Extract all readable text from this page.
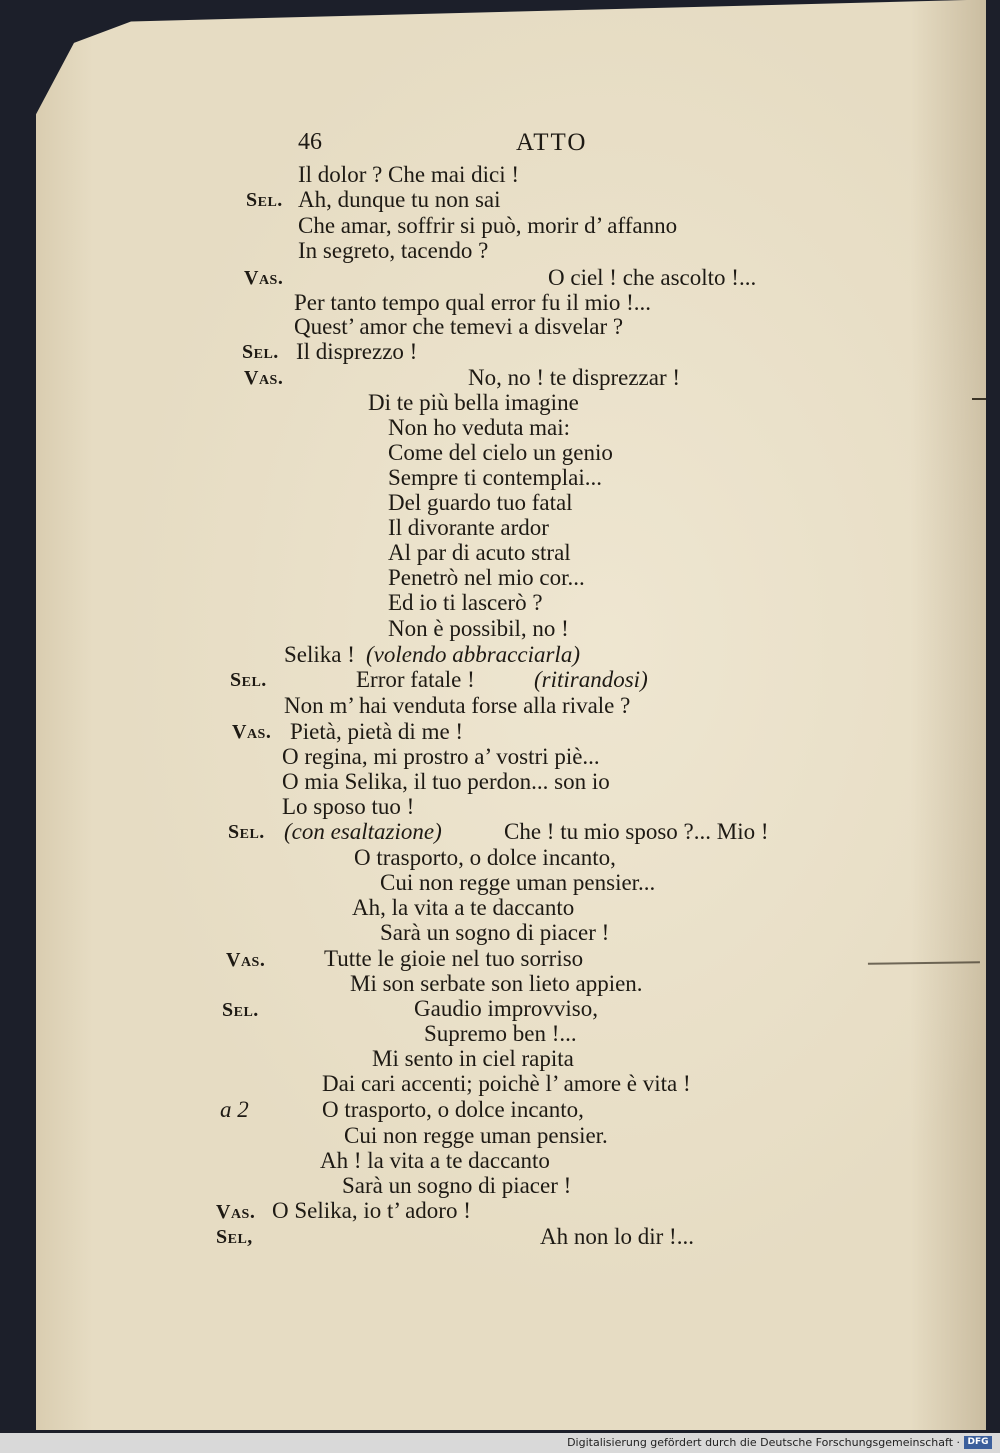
46	ATTO
Il dolor ? Che mai dici !
Sel. Ah, dunque tu non sai
Che amar, soffrir si può, morir d’ affanno
In segreto, tacendo ?
Vas.	O ciel ! che ascolto !...
Per tanto tempo qual error fu il mio !...
Quest’ amor che temevi a disvelar ?
Sel. Il disprezzo !
Vas.	No, no ! te disprezzar !
Di te più bella imagine
Non ho veduta mai:
Come del cielo un genio
Sempre ti contemplai...
Del guardo tuo fatal
Il divorante ardor
Al par di acuto stral
Penetrò nel mio cor...
Ed io ti lascerò ?
Non è possibil, no !
Selika ! (volendo abbracciarla)
Sel.	Error fatale !	(ritirandosi)
Non m’ hai venduta forse alla rivale ?
Vas. Pietà, pietà di me !
O regina, mi prostro a’ vostri piè...
O mia Selika, il tuo perdon... son io
Lo sposo tuo !
Sel. (con esaltazione)	Che ! tu mio sposo ?... Mio !
O trasporto, o dolce incanto,
Cui non regge uman pensier...
Ah, la vita a te daccanto
Sarà un sogno di piacer !
Vas.	Tutte le gioie nel tuo sorriso
Mi son serbate son lieto appien.
Sel.	Gaudio improvviso,
Supremo ben !...
Mi sento in ciel rapita
Dai cari accenti; poichè l’ amore è vita !
a 2	O trasporto, o dolce incanto,
Cui non regge uman pensier.
Ah ! la vita a te daccanto
Sarà un sogno di piacer !
Vas. O Selika, io t’ adoro !
Sel,	Ah non lo dir !...
Digitalisierung gefördert durch die Deutsche Forschungsgemeinschaft · DFG
